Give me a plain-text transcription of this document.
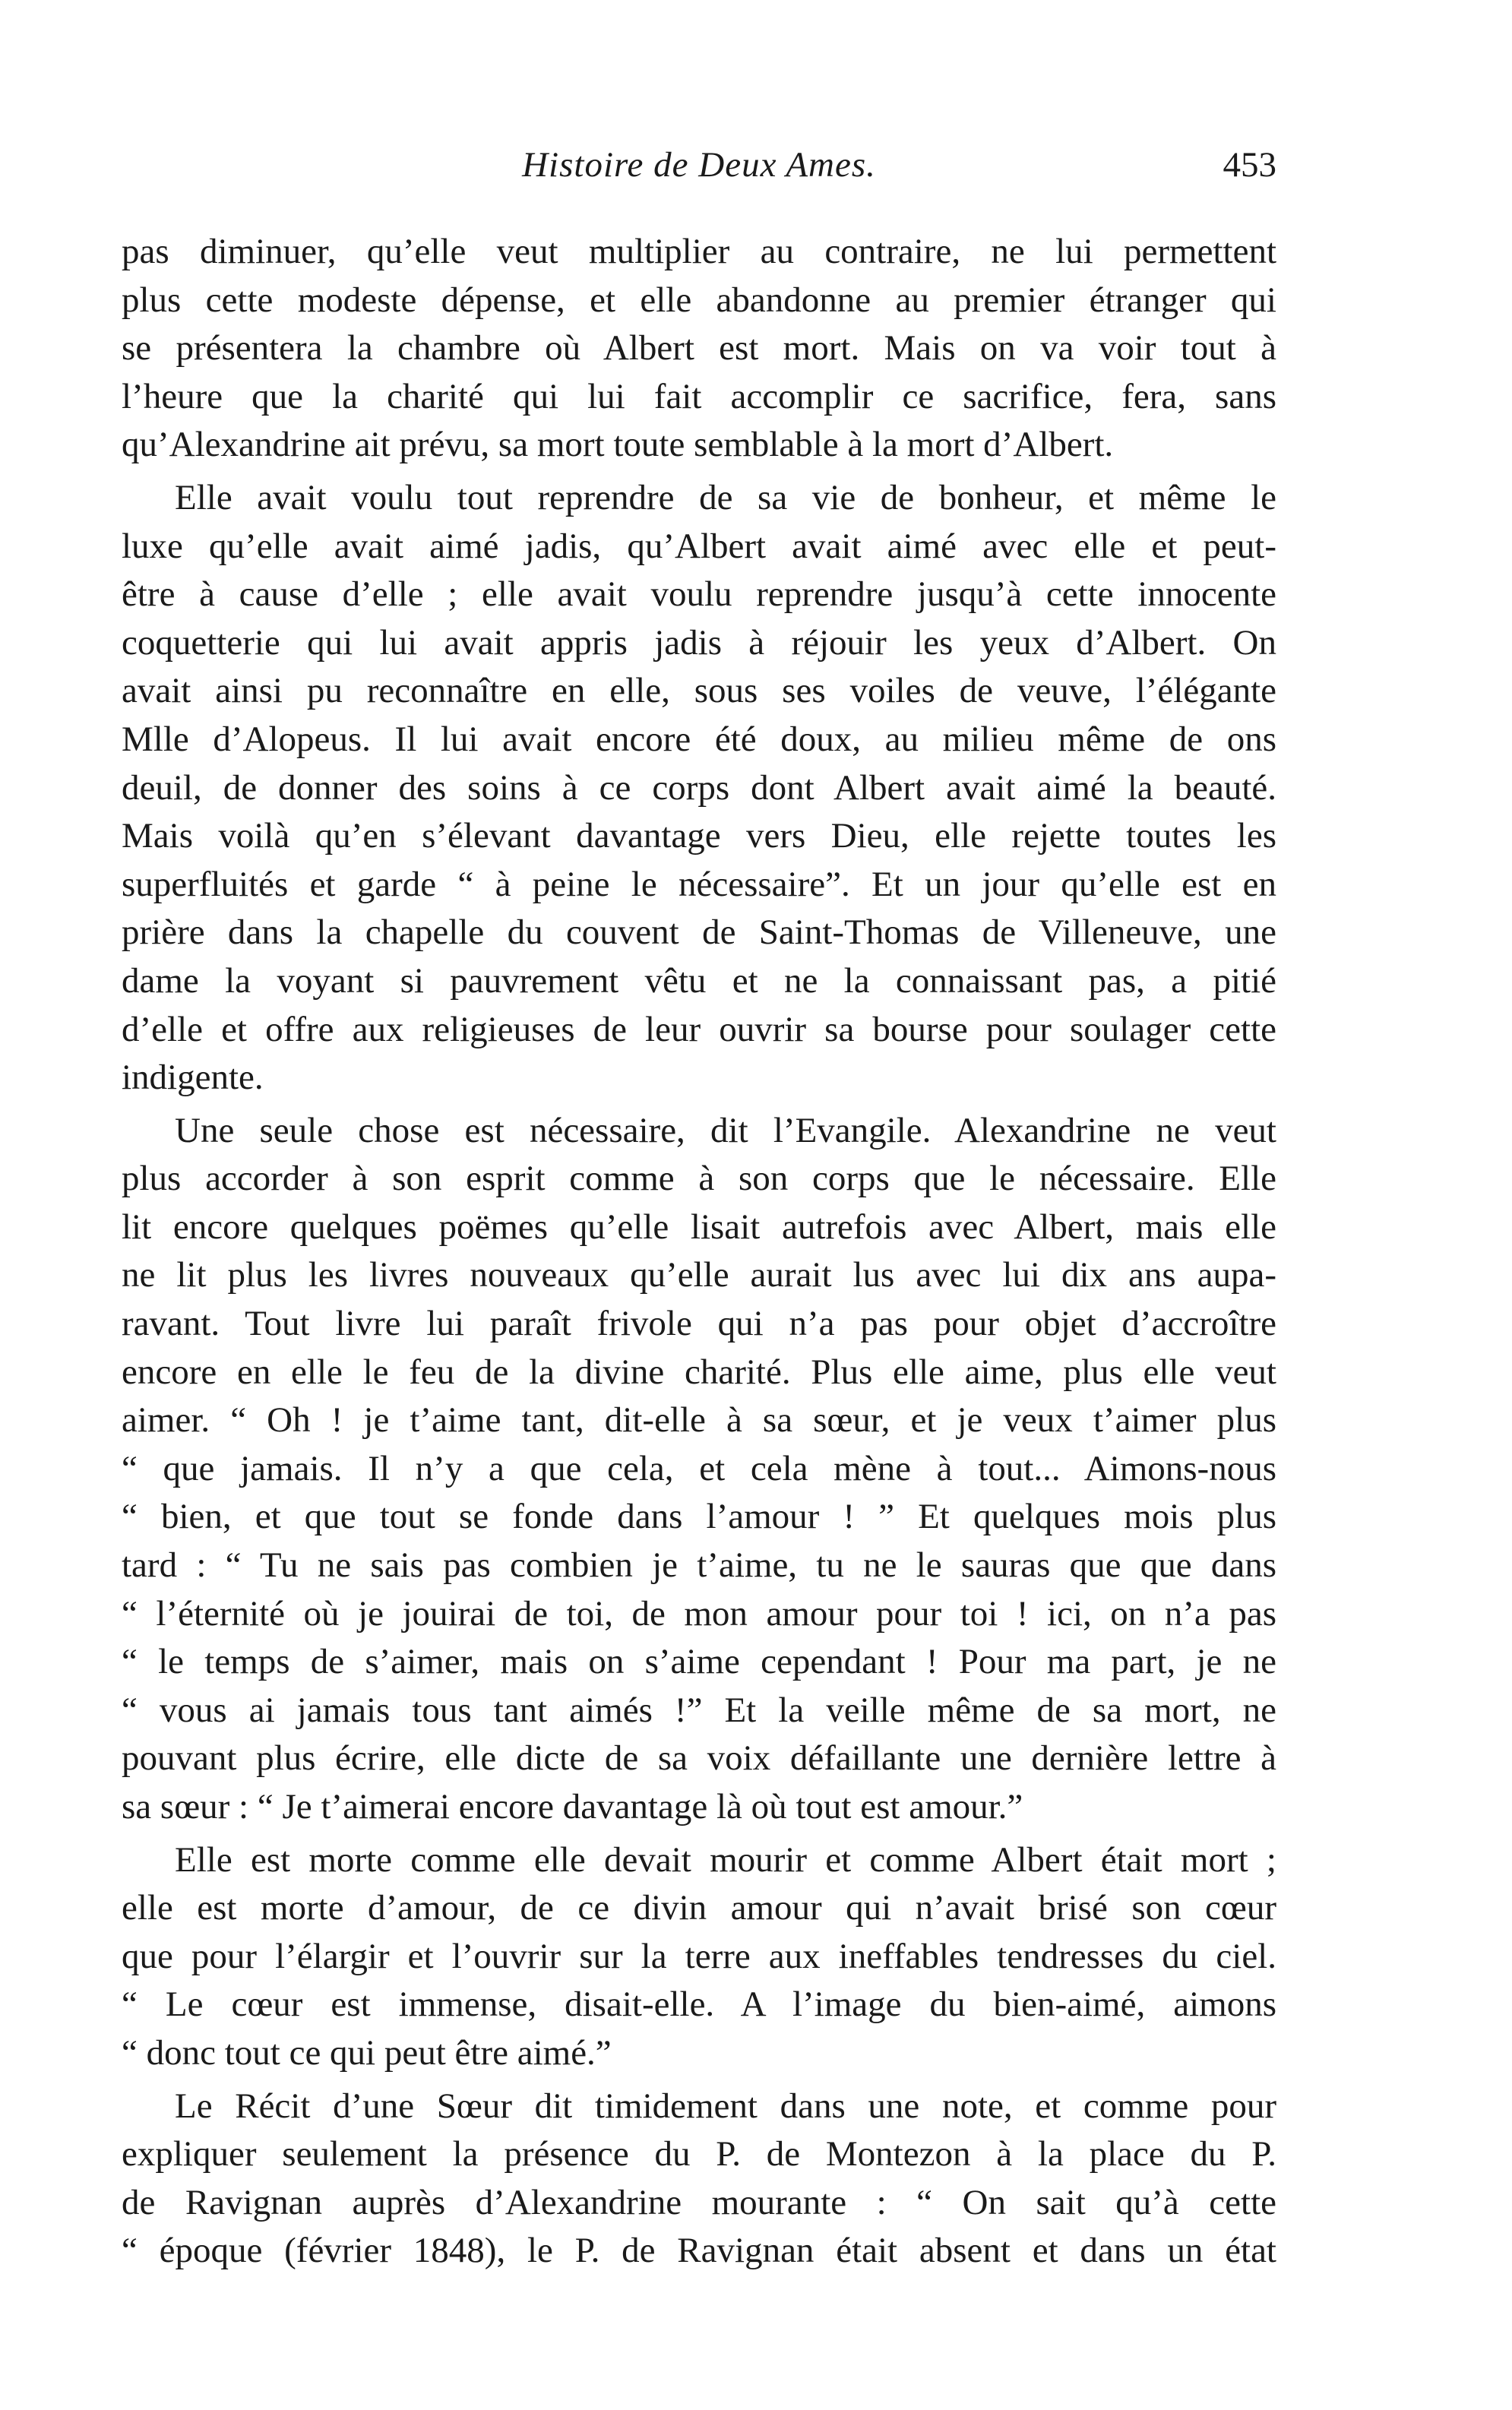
Histoire de Deux Ames.	453
pas diminuer, qu’elle veut multiplier au contraire, ne lui permettent
plus cette modeste dépense, et elle abandonne au premier étranger qui
se présentera la chambre où Albert est mort. Mais on va voir tout à
l’heure que la charité qui lui fait accomplir ce sacrifice, fera, sans
qu’Alexandrine ait prévu, sa mort toute semblable à la mort d’Albert.
Elle avait voulu tout reprendre de sa vie de bonheur, et même le
luxe qu’elle avait aimé jadis, qu’Albert avait aimé avec elle et peut-
être à cause d’elle ; elle avait voulu reprendre jusqu’à cette innocente
coquetterie qui lui avait appris jadis à réjouir les yeux d’Albert. On
avait ainsi pu reconnaître en elle, sous ses voiles de veuve, l’élégante
Mlle d’Alopeus. Il lui avait encore été doux, au milieu même de ons
deuil, de donner des soins à ce corps dont Albert avait aimé la beauté.
Mais voilà qu’en s’élevant davantage vers Dieu, elle rejette toutes les
superfluités et garde “ à peine le nécessaire”. Et un jour qu’elle est en
prière dans la chapelle du couvent de Saint-Thomas de Villeneuve, une
dame la voyant si pauvrement vêtu et ne la connaissant pas, a pitié
d’elle et offre aux religieuses de leur ouvrir sa bourse pour soulager cette
indigente.
Une seule chose est nécessaire, dit l’Evangile. Alexandrine ne veut
plus accorder à son esprit comme à son corps que le nécessaire. Elle
lit encore quelques poëmes qu’elle lisait autrefois avec Albert, mais elle
ne lit plus les livres nouveaux qu’elle aurait lus avec lui dix ans aupa-
ravant. Tout livre lui paraît frivole qui n’a pas pour objet d’accroître
encore en elle le feu de la divine charité. Plus elle aime, plus elle veut
aimer. “ Oh ! je t’aime tant, dit-elle à sa sœur, et je veux t’aimer plus
“ que jamais. Il n’y a que cela, et cela mène à tout... Aimons-nous
“ bien, et que tout se fonde dans l’amour ! ” Et quelques mois plus
tard : “ Tu ne sais pas combien je t’aime, tu ne le sauras que que dans
“ l’éternité où je jouirai de toi, de mon amour pour toi ! ici, on n’a pas
“ le temps de s’aimer, mais on s’aime cependant ! Pour ma part, je ne
“ vous ai jamais tous tant aimés !” Et la veille même de sa mort, ne
pouvant plus écrire, elle dicte de sa voix défaillante une dernière lettre à
sa sœur : “ Je t’aimerai encore davantage là où tout est amour.”
Elle est morte comme elle devait mourir et comme Albert était mort ;
elle est morte d’amour, de ce divin amour qui n’avait brisé son cœur
que pour l’élargir et l’ouvrir sur la terre aux ineffables tendresses du ciel.
“ Le cœur est immense, disait-elle. A l’image du bien-aimé, aimons
“ donc tout ce qui peut être aimé.”
Le Récit d’une Sœur dit timidement dans une note, et comme pour
expliquer seulement la présence du P. de Montezon à la place du P.
de Ravignan auprès d’Alexandrine mourante : “ On sait qu’à cette
“ époque (février 1848), le P. de Ravignan était absent et dans un état
